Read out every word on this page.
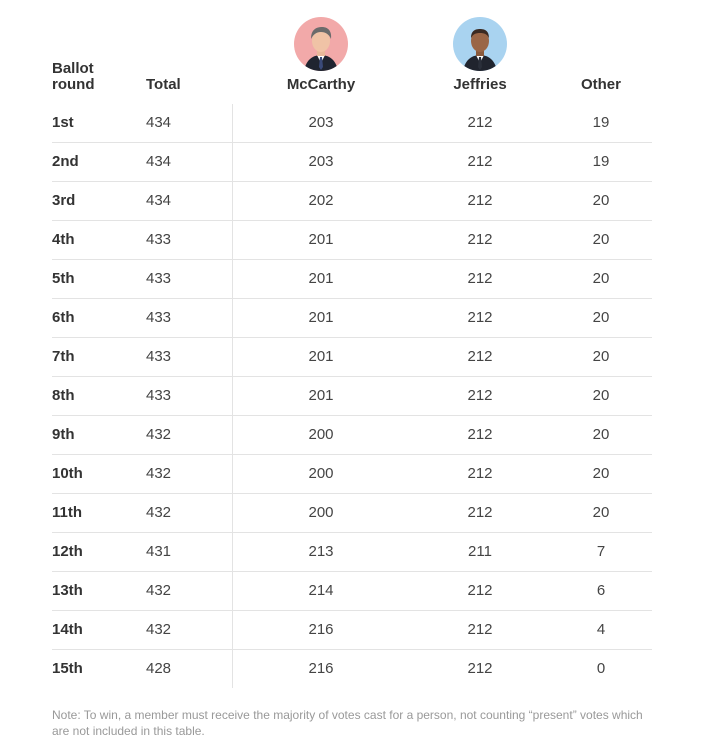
Ballot
round	Total	McCarthy	Jeffries	Other
1st	434	203	212	19
2nd	434	203	212	19
3rd	434	202	212	20
4th	433	201	212	20
5th	433	201	212	20
6th	433	201	212	20
7th	433	201	212	20
8th	433	201	212	20
9th	432	200	212	20
10th	432	200	212	20
11th	432	200	212	20
12th	431	213	211	7
13th	432	214	212	6
14th	432	216	212	4
15th	428	216	212	0
Note: To win, a member must receive the majority of votes cast for a person, not counting “present” votes which are not included in this table.
